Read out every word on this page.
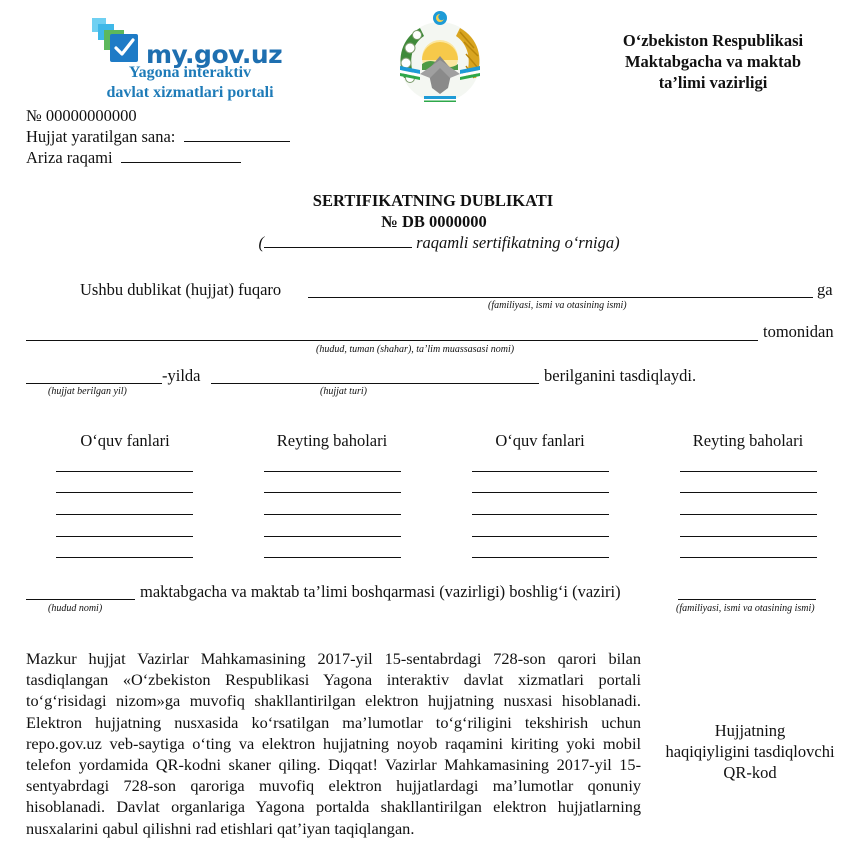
my.gov.uz
Yagona interaktiv
davlat xizmatlari portali
O‘zbekiston Respublikasi
Maktabgacha va maktab
ta’limi vazirligi
№ 00000000000
Hujjat yaratilgan sana:
Ariza raqami
SERTIFIKATNING DUBLIKATI
№ DB 0000000
(	raqamli sertifikatning o‘rniga)
Ushbu dublikat (hujjat) fuqaro	ga
(familiyasi, ismi va otasining ismi)
tomonidan
(hudud, tuman (shahar), ta’lim muassasasi nomi)
-yilda
(hujjat berilgan yil)	(hujjat turi)
berilganini tasdiqlaydi.
O‘quv fanlari	Reyting baholari	O‘quv fanlari	Reyting baholari
(hudud nomi)
maktabgacha va maktab ta’limi boshqarmasi (vazirligi) boshlig‘i (vaziri)
(familiyasi, ismi va otasining ismi)
Mazkur hujjat Vazirlar Mahkamasining 2017-yil 15-sentabrdagi 728-son qarori bilan tasdiqlangan «O‘zbekiston Respublikasi Yagona interaktiv davlat xizmatlari portali to‘g‘risidagi nizom»ga muvofiq shakllantirilgan elektron hujjatning nusxasi hisoblanadi. Elektron hujjatning nusxasida ko‘rsatilgan ma’lumotlar to‘g‘riligini tekshirish uchun repo.gov.uz veb-saytiga o‘ting va elektron hujjatning noyob raqamini kiriting yoki mobil telefon yordamida QR-kodni skaner qiling. Diqqat! Vazirlar Mahkamasining 2017-yil 15-sentyabrdagi 728-son qaroriga muvofiq elektron hujjatlardagi ma’lumotlar qonuniy hisoblanadi. Davlat organlariga Yagona portalda shakllantirilgan elektron hujjatlarning nusxalarini qabul qilishni rad etishlari qat’iyan taqiqlangan.
Hujjatning
haqiqiyligini tasdiqlovchi
QR-kod
